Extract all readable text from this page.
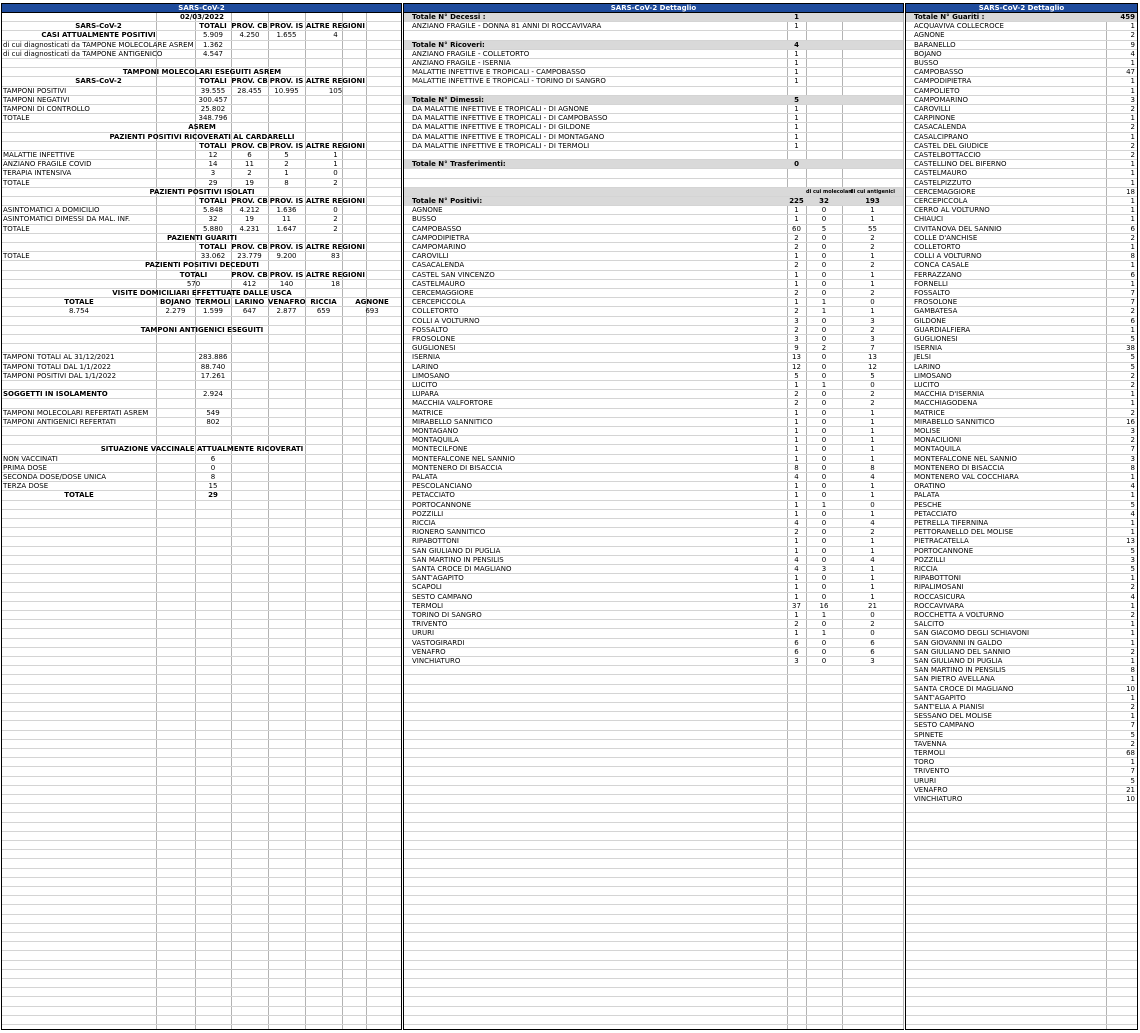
SARS-CoV-2
02/03/2022
SARS-CoV-2	TOTALI PROV. CB PROV. IS ALTRE REGIONI
CASI ATTUALMENTE POSITIVI	5.909	4.250	1.655	4
di cui diagnosticati da TAMPONE MOLECOLARE ASREM	1.362
di cui diagnosticati da TAMPONE ANTIGENICO	4.547
TAMPONI MOLECOLARI ESEGUITI ASREM
SARS-CoV-2	TOTALI PROV. CB PROV. IS ALTRE REGIONI
TAMPONI POSITIVI	39.555	28.455	10.995	105
TAMPONI NEGATIVI	300.457
TAMPONI DI CONTROLLO	25.802
TOTALE	348.796
ASREM
PAZIENTI POSITIVI RICOVERATI AL CARDARELLI
TOTALI PROV. CB PROV. IS ALTRE REGIONI
MALATTIE INFETTIVE	12	6	5	1
ANZIANO FRAGILE COVID	14	11	2	1
TERAPIA INTENSIVA	3	2	1	0
TOTALE	29	19	8	2
PAZIENTI POSITIVI ISOLATI
TOTALI PROV. CB PROV. IS ALTRE REGIONI
ASINTOMATICI A DOMICILIO	5.848	4.212	1.636	0
ASINTOMATICI DIMESSI DA MAL. INF.	32	19	11	2
TOTALE	5.880	4.231	1.647	2
PAZIENTI GUARITI
TOTALI PROV. CB PROV. IS ALTRE REGIONI
TOTALE	33.062	23.779	9.200	83
PAZIENTI POSITIVI DECEDUTI
TOTALI	PROV. CB PROV. IS ALTRE REGIONI
570	412	140	18
VISITE DOMICILIARI EFFETTUATE DALLE USCA
TOTALE	BOJANO TERMOLI LARINO VENAFRO RICCIA	AGNONE
8.754	2.279	1.599	647	2.877	659	693
TAMPONI ANTIGENICI ESEGUITI
TAMPONI TOTALI AL 31/12/2021	283.886
TAMPONI TOTALI DAL 1/1/2022	88.740
TAMPONI POSITIVI DAL 1/1/2022	17.261
SOGGETTI IN ISOLAMENTO	2.924
TAMPONI MOLECOLARI REFERTATI ASREM	549
TAMPONI ANTIGENICI REFERTATI	802
SITUAZIONE VACCINALE ATTUALMENTE RICOVERATI
NON VACCINATI	6
PRIMA DOSE	0
SECONDA DOSE/DOSE UNICA	8
TERZA DOSE	15
TOTALE	29
SARS-CoV-2 Dettaglio
Totale N° Decessi :	1
ANZIANO FRAGILE - DONNA 81 ANNI DI ROCCAVIVARA	1
Totale N° Ricoveri:	4
ANZIANO FRAGILE - COLLETORTO	1
ANZIANO FRAGILE - ISERNIA	1
MALATTIE INFETTIVE E TROPICALI - CAMPOBASSO	1
MALATTIE INFETTIVE E TROPICALI - TORINO DI SANGRO	1
Totale N° Dimessi:	5
DA MALATTIE INFETTIVE E TROPICALI - DI AGNONE	1
DA MALATTIE INFETTIVE E TROPICALI - DI CAMPOBASSO	1
DA MALATTIE INFETTIVE E TROPICALI - DI GILDONE	1
DA MALATTIE INFETTIVE E TROPICALI - DI MONTAGANO	1
DA MALATTIE INFETTIVE E TROPICALI - DI TERMOLI	1
Totale N° Trasferimenti:	0
di cui molecolari
di cui antigenici
Totale N° Positivi:	225	32	193
AGNONE	1	0	1
BUSSO	1	0	1
CAMPOBASSO	60	5	55
CAMPODIPIETRA	2	0	2
CAMPOMARINO	2	0	2
CAROVILLI	1	0	1
CASACALENDA	2	0	2
CASTEL SAN VINCENZO	1	0	1
CASTELMAURO	1	0	1
CERCEMAGGIORE	2	0	2
CERCEPICCOLA	1	1	0
COLLETORTO	2	1	1
COLLI A VOLTURNO	3	0	3
FOSSALTO	2	0	2
FROSOLONE	3	0	3
GUGLIONESI	9	2	7
ISERNIA	13	0	13
LARINO	12	0	12
LIMOSANO	5	0	5
LUCITO	1	1	0
LUPARA	2	0	2
MACCHIA VALFORTORE	2	0	2
MATRICE	1	0	1
MIRABELLO SANNITICO	1	0	1
MONTAGANO	1	0	1
MONTAQUILA	1	0	1
MONTECILFONE	1	0	1
MONTEFALCONE NEL SANNIO	1	0	1
MONTENERO DI BISACCIA	8	0	8
PALATA	4	0	4
PESCOLANCIANO	1	0	1
PETACCIATO	1	0	1
PORTOCANNONE	1	1	0
POZZILLI	1	0	1
RICCIA	4	0	4
RIONERO SANNITICO	2	0	2
RIPABOTTONI	1	0	1
SAN GIULIANO DI PUGLIA	1	0	1
SAN MARTINO IN PENSILIS	4	0	4
SANTA CROCE DI MAGLIANO	4	3	1
SANT'AGAPITO	1	0	1
SCAPOLI	1	0	1
SESTO CAMPANO	1	0	1
TERMOLI	37	16	21
TORINO DI SANGRO	1	1	0
TRIVENTO	2	0	2
URURI	1	1	0
VASTOGIRARDI	6	0	6
VENAFRO	6	0	6
VINCHIATURO	3	0	3
SARS-CoV-2 Dettaglio
Totale N° Guariti :	459
ACQUAVIVA COLLECROCE	1
AGNONE	2
BARANELLO	9
BOJANO	4
BUSSO	1
CAMPOBASSO	47
CAMPODIPIETRA	1
CAMPOLIETO	1
CAMPOMARINO	3
CAROVILLI	2
CARPINONE	1
CASACALENDA	2
CASALCIPRANO	1
CASTEL DEL GIUDICE	2
CASTELBOTTACCIO	2
CASTELLINO DEL BIFERNO	1
CASTELMAURO	1
CASTELPIZZUTO	1
CERCEMAGGIORE	18
CERCEPICCOLA	1
CERRO AL VOLTURNO	1
CHIAUCI	1
CIVITANOVA DEL SANNIO	6
COLLE D'ANCHISE	2
COLLETORTO	1
COLLI A VOLTURNO	8
CONCA CASALE	1
FERRAZZANO	6
FORNELLI	1
FOSSALTO	7
FROSOLONE	7
GAMBATESA	2
GILDONE	6
GUARDIALFIERA	1
GUGLIONESI	5
ISERNIA	38
JELSI	5
LARINO	5
LIMOSANO	2
LUCITO	2
MACCHIA D'ISERNIA	1
MACCHIAGODENA	1
MATRICE	2
MIRABELLO SANNITICO	16
MOLISE	3
MONACILIONI	2
MONTAQUILA	7
MONTEFALCONE NEL SANNIO	3
MONTENERO DI BISACCIA	8
MONTENERO VAL COCCHIARA	1
ORATINO	4
PALATA	1
PESCHE	5
PETACCIATO	4
PETRELLA TIFERNINA	1
PETTORANELLO DEL MOLISE	1
PIETRACATELLA	13
PORTOCANNONE	5
POZZILLI	3
RICCIA	5
RIPABOTTONI	1
RIPALIMOSANI	2
ROCCASICURA	4
ROCCAVIVARA	1
ROCCHETTA A VOLTURNO	2
SALCITO	1
SAN GIACOMO DEGLI SCHIAVONI	1
SAN GIOVANNI IN GALDO	1
SAN GIULIANO DEL SANNIO	2
SAN GIULIANO DI PUGLIA	1
SAN MARTINO IN PENSILIS	8
SAN PIETRO AVELLANA	1
SANTA CROCE DI MAGLIANO	10
SANT'AGAPITO	1
SANT'ELIA A PIANISI	2
SESSANO DEL MOLISE	1
SESTO CAMPANO	7
SPINETE	5
TAVENNA	2
TERMOLI	68
TORO	1
TRIVENTO	7
URURI	5
VENAFRO	21
VINCHIATURO	10
